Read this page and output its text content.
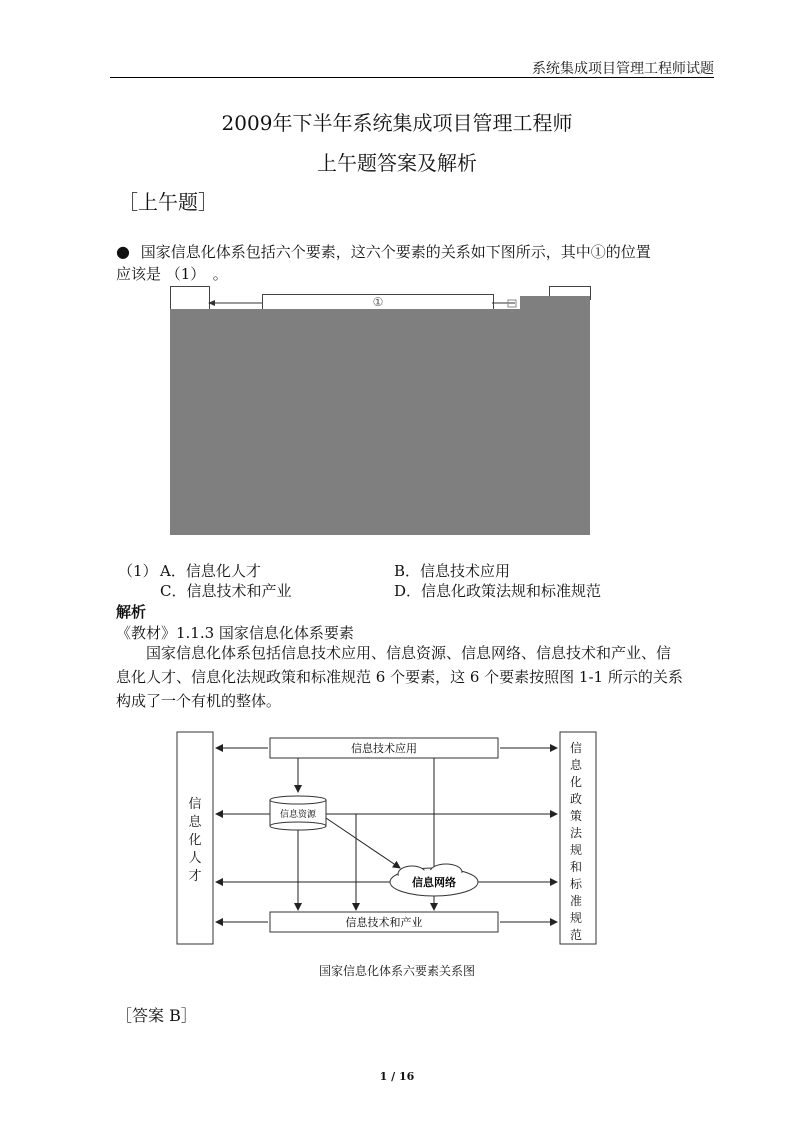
系统集成项目管理工程师试题
2009年下半年系统集成项目管理工程师
上午题答案及解析
［上午题］
● 国家信息化体系包括六个要素，这六个要素的关系如下图所示，其中①的位置
应该是 （1）　。
①
（1） A．信息化人才	B．信息技术应用
C．信息技术和产业	D．信息化政策法规和标准规范
解析
《教材》1.1.3 国家信息化体系要素
国家信息化体系包括信息技术应用、信息资源、信息网络、信息技术和产业、信
息化人才、信息化法规政策和标准规范 6 个要素，这 6 个要素按照图 1-1 所示的关系
构成了一个有机的整体。
信息技术应用
信息技术和产业
信息资源
信息网络
信息化人才
信息化政策法规和标准规范
国家信息化体系六要素关系图
［答案 B］
1 / 16
